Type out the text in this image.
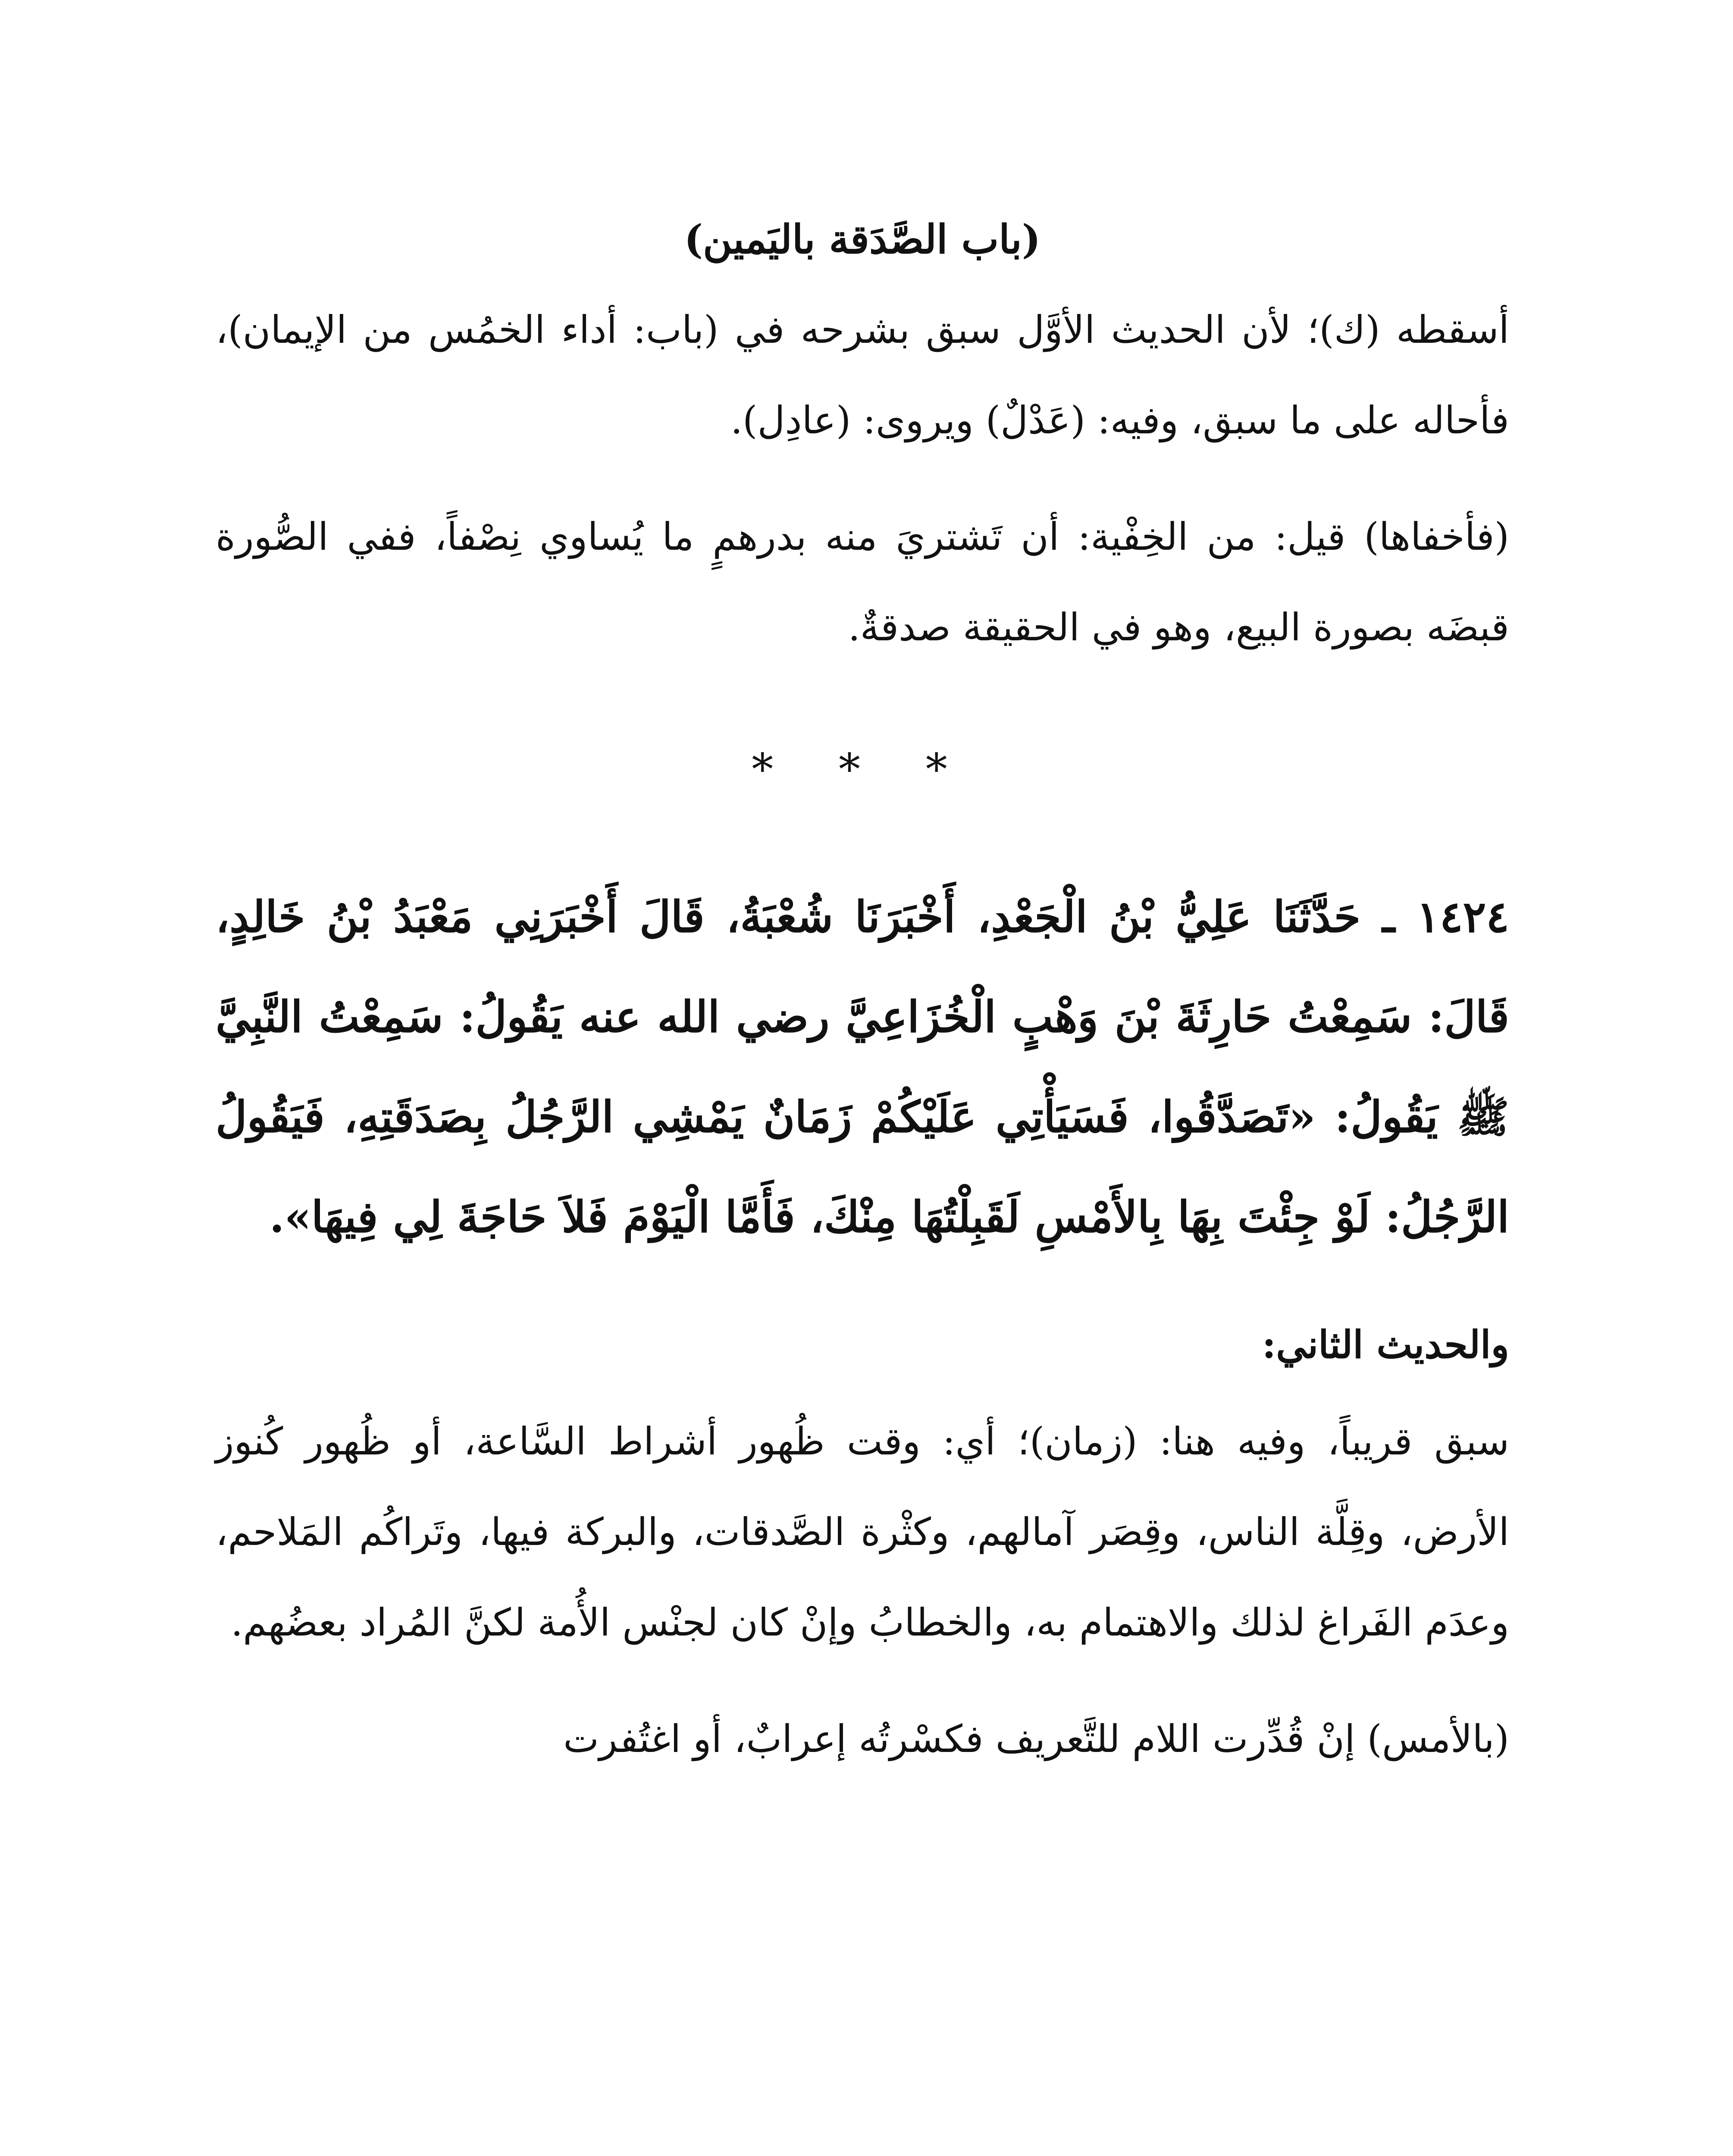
(باب الصَّدَقة باليَمين)

أسقطه (ك)؛ لأن الحديث الأوَّل سبق بشرحه في (باب: أداء الخمُس من الإيمان)، فأحاله على ما سبق، وفيه: (عَدْلٌ) ويروى: (عادِل).

(فأخفاها) قيل: من الخِفْية: أن تَشتريَ منه بدرهمٍ ما يُساوي نِصْفاً، ففي الصُّورة قبضَه بصورة البيع، وهو في الحقيقة صدقةٌ.

* * *

١٤٢٤ ـ حَدَّثَنَا عَلِيُّ بْنُ الْجَعْدِ، أَخْبَرَنَا شُعْبَةُ، قَالَ أَخْبَرَنِي مَعْبَدُ بْنُ خَالِدٍ، قَالَ: سَمِعْتُ حَارِثَةَ بْنَ وَهْبٍ الْخُزَاعِيَّ رضي الله عنه يَقُولُ: سَمِعْتُ النَّبِيَّ ﷺ يَقُولُ: «تَصَدَّقُوا، فَسَيَأْتِي عَلَيْكُمْ زَمَانٌ يَمْشِي الرَّجُلُ بِصَدَقَتِهِ، فَيَقُولُ الرَّجُلُ: لَوْ جِئْتَ بِهَا بِالأَمْسِ لَقَبِلْتُهَا مِنْكَ، فَأَمَّا الْيَوْمَ فَلاَ حَاجَةَ لِي فِيهَا».

والحديث الثاني:

سبق قريباً، وفيه هنا: (زمان)؛ أي: وقت ظُهور أشراط السَّاعة، أو ظُهور كُنوز الأرض، وقِلَّة الناس، وقِصَر آمالهم، وكثْرة الصَّدقات، والبركة فيها، وتَراكُم المَلاحم، وعدَم الفَراغ لذلك والاهتمام به، والخطابُ وإنْ كان لجنْس الأُمة لكنَّ المُراد بعضُهم.

(بالأمس) إنْ قُدِّرت اللام للتَّعريف فكسْرتُه إعرابٌ، أو اغتُفرت
